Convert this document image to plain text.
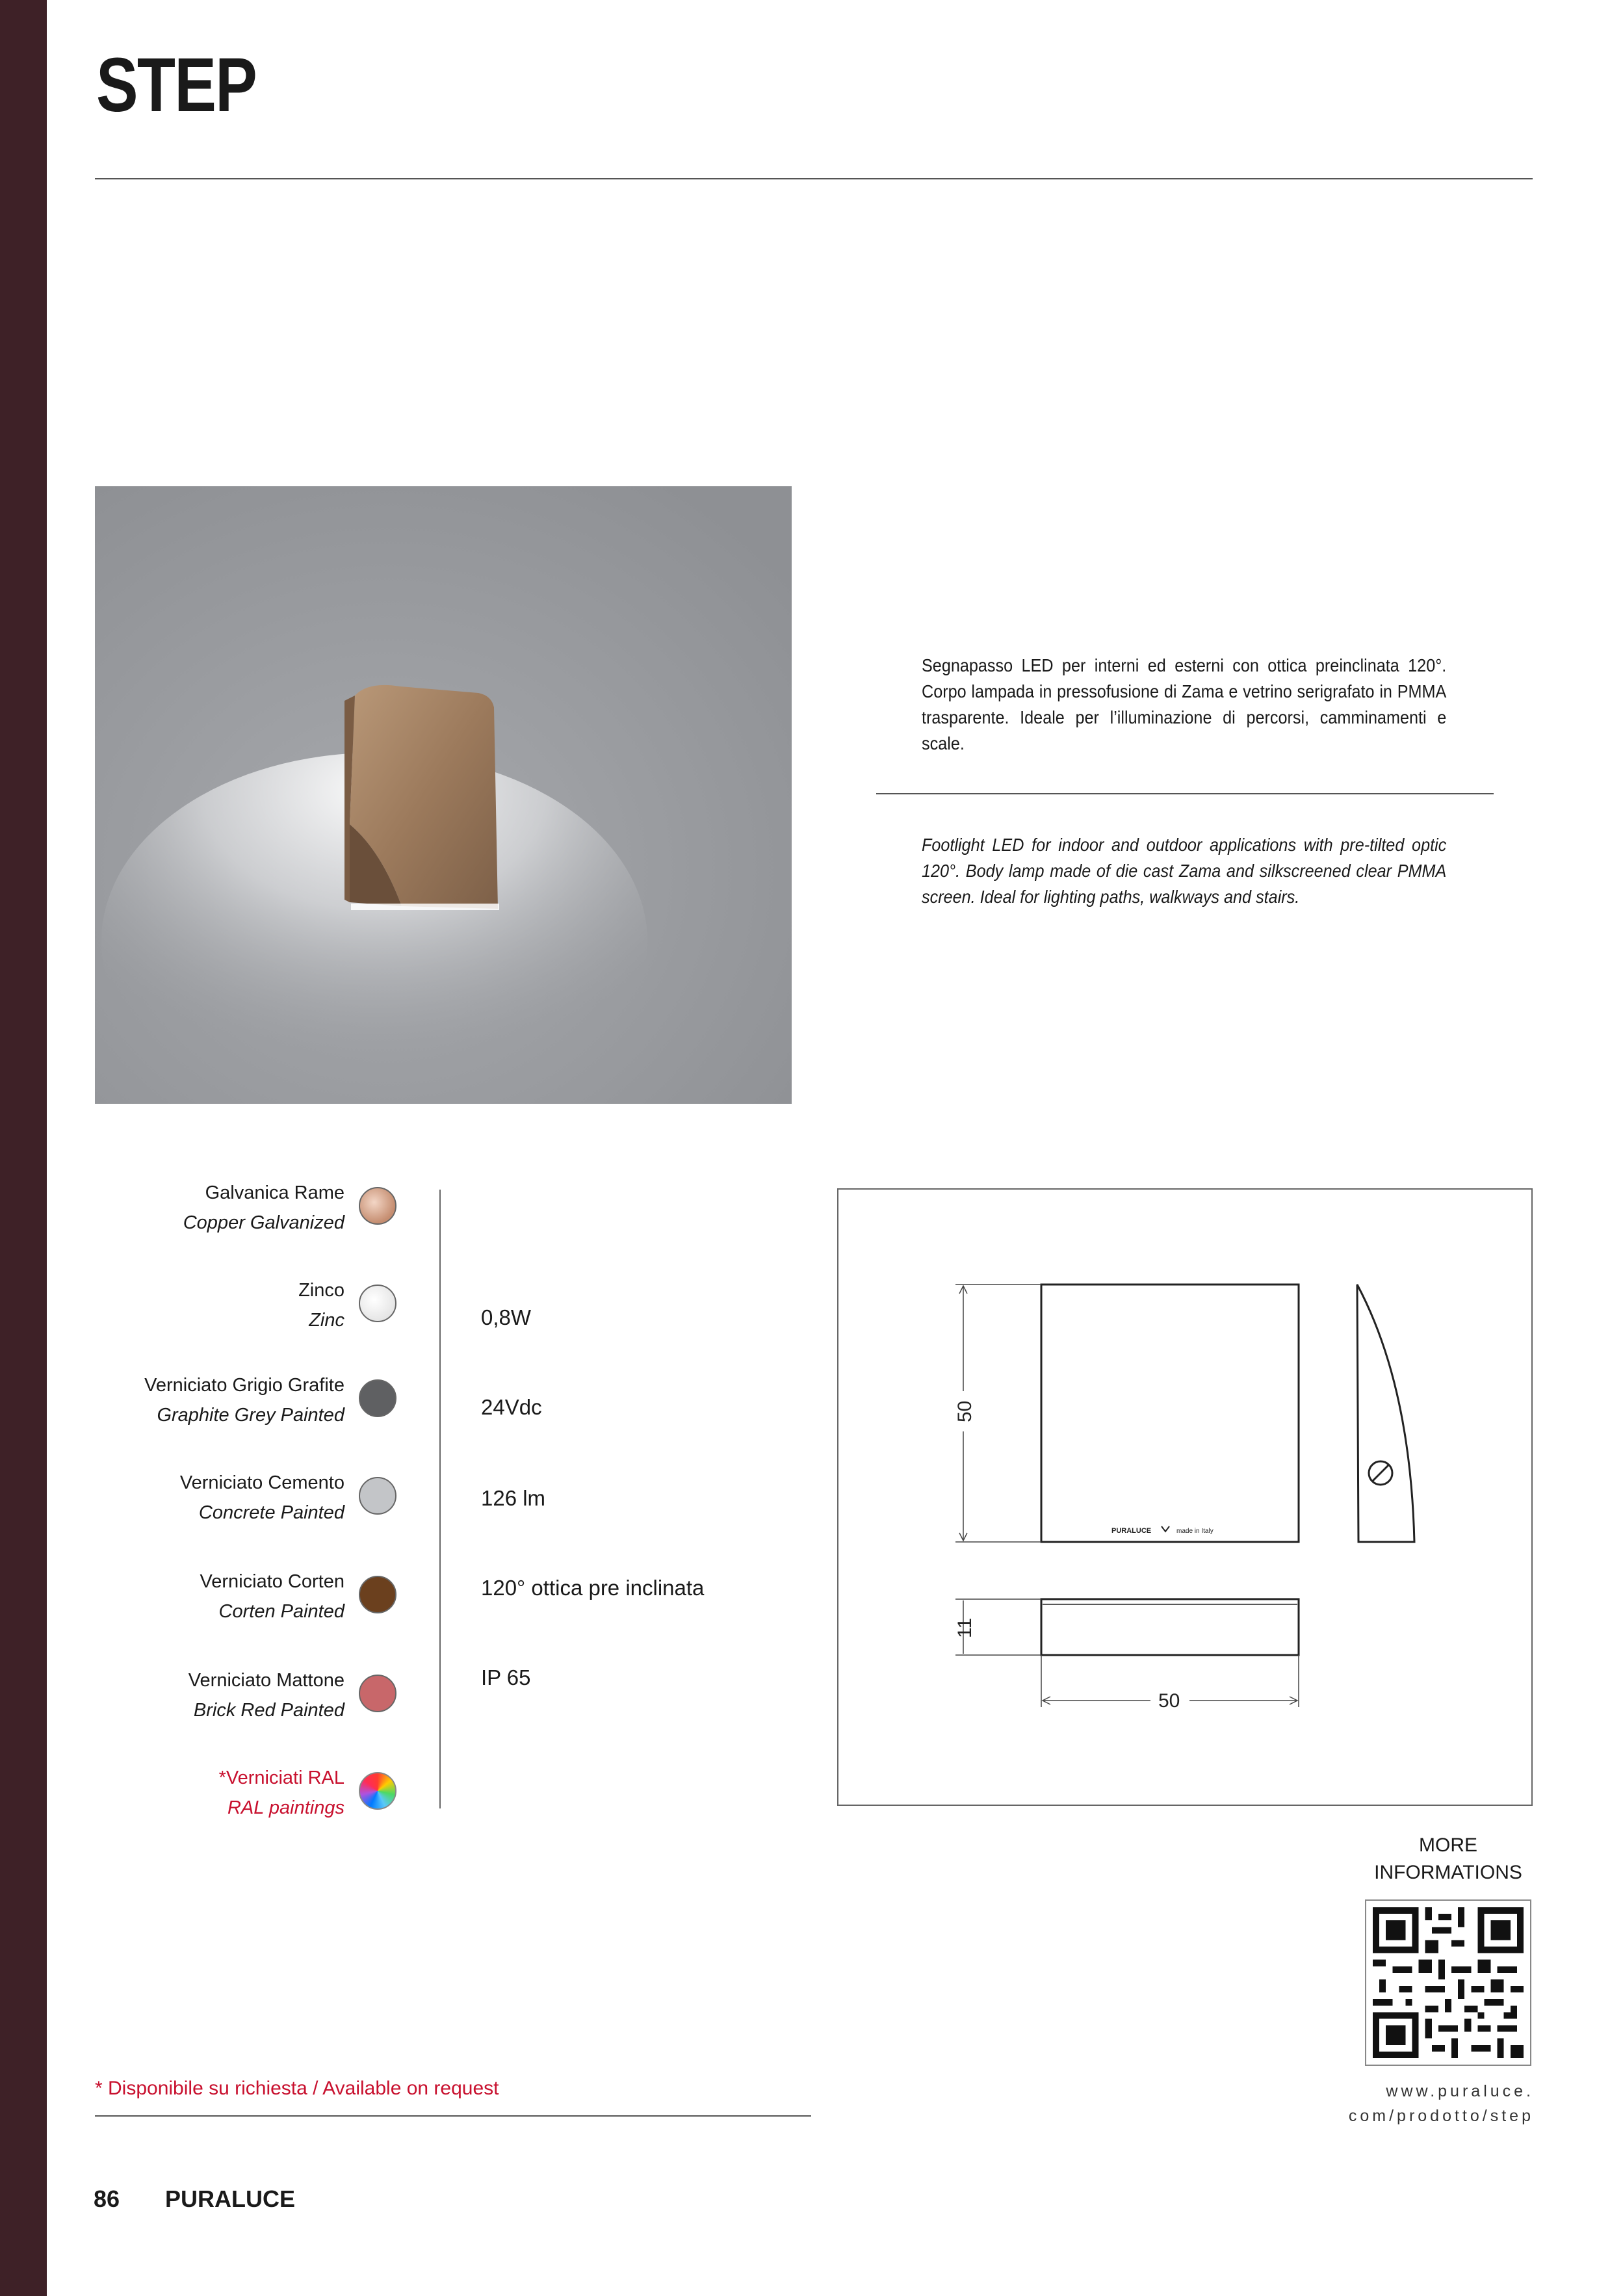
STEP
Segnapasso LED per interni ed esterni con ottica preinclinata 120°. Corpo lampada in pressofusione di Zama e vetrino serigrafato in PMMA trasparente. Ideale per l’illuminazione di percorsi, camminamenti e scale.
Footlight LED for indoor and outdoor applications with pre-tilted optic 120°. Body lamp made of die cast Zama and silkscreened clear PMMA screen. Ideal for lighting paths, walkways and stairs.
Galvanica Rame
Copper Galvanized
Zinco
Zinc
Verniciato Grigio Grafite
Graphite Grey Painted
Verniciato Cemento
Concrete Painted
Verniciato Corten
Corten Painted
Verniciato Mattone
Brick Red Painted
*Verniciati RAL
RAL paintings
0,8W
24Vdc
126 lm
120° ottica pre inclinata
IP 65
PURALUCE	made in Italy
50
11
50
MORE INFORMATIONS
www.puraluce.
com/prodotto/step
* Disponibile su richiesta / Available on request
86 PURALUCE
